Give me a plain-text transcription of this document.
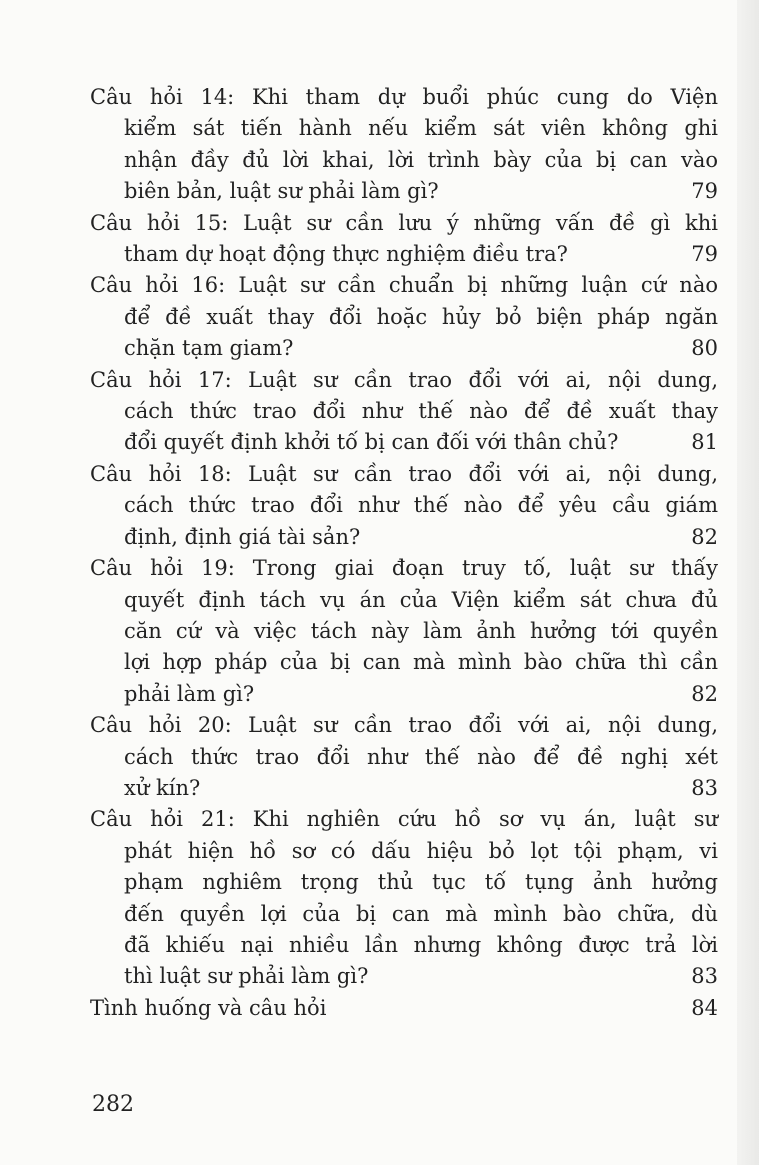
Câu hỏi 14: Khi tham dự buổi phúc cung do Viện
kiểm sát tiến hành nếu kiểm sát viên không ghi
nhận đầy đủ lời khai, lời trình bày của bị can vào
biên bản, luật sư phải làm gì?	79
Câu hỏi 15: Luật sư cần lưu ý những vấn đề gì khi
tham dự hoạt động thực nghiệm điều tra?	79
Câu hỏi 16: Luật sư cần chuẩn bị những luận cứ nào
để đề xuất thay đổi hoặc hủy bỏ biện pháp ngăn
chặn tạm giam?	80
Câu hỏi 17: Luật sư cần trao đổi với ai, nội dung,
cách thức trao đổi như thế nào để đề xuất thay
đổi quyết định khởi tố bị can đối với thân chủ?	81
Câu hỏi 18: Luật sư cần trao đổi với ai, nội dung,
cách thức trao đổi như thế nào để yêu cầu giám
định, định giá tài sản?	82
Câu hỏi 19: Trong giai đoạn truy tố, luật sư thấy
quyết định tách vụ án của Viện kiểm sát chưa đủ
căn cứ và việc tách này làm ảnh hưởng tới quyền
lợi hợp pháp của bị can mà mình bào chữa thì cần
phải làm gì?	82
Câu hỏi 20: Luật sư cần trao đổi với ai, nội dung,
cách thức trao đổi như thế nào để đề nghị xét
xử kín?	83
Câu hỏi 21: Khi nghiên cứu hồ sơ vụ án, luật sư
phát hiện hồ sơ có dấu hiệu bỏ lọt tội phạm, vi
phạm nghiêm trọng thủ tục tố tụng ảnh hưởng
đến quyền lợi của bị can mà mình bào chữa, dù
đã khiếu nại nhiều lần nhưng không được trả lời
thì luật sư phải làm gì?	83
Tình huống và câu hỏi	84
282
